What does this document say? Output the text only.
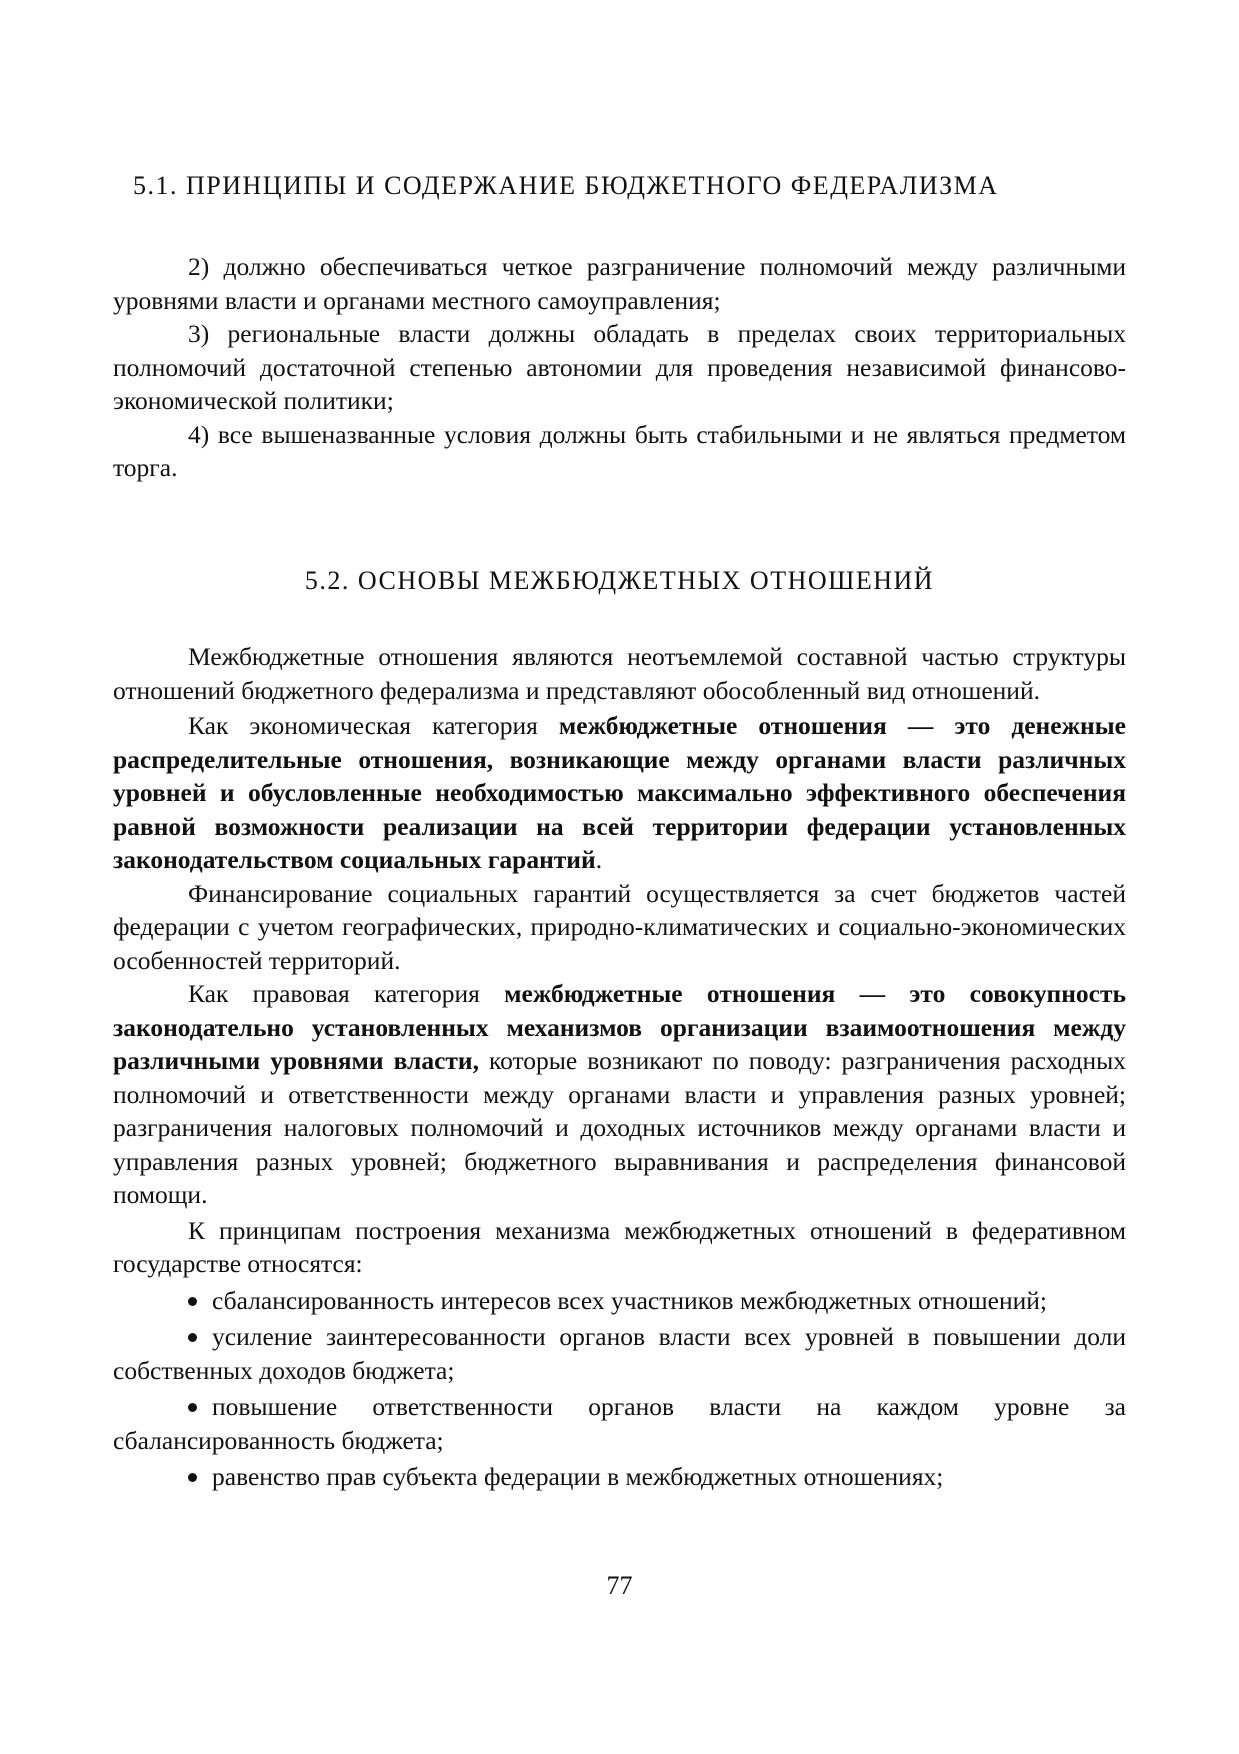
5.1. ПРИНЦИПЫ И СОДЕРЖАНИЕ БЮДЖЕТНОГО ФЕДЕРАЛИЗМА

2) должно обеспечиваться четкое разграничение полномочий между различными уровнями власти и органами местного самоуправления;

3) региональные власти должны обладать в пределах своих территориальных полномочий достаточной степенью автономии для проведения независимой финансово-экономической политики;

4) все вышеназванные условия должны быть стабильными и не являться предметом торга.

5.2. ОСНОВЫ МЕЖБЮДЖЕТНЫХ ОТНОШЕНИЙ

Межбюджетные отношения являются неотъемлемой составной частью структуры отношений бюджетного федерализма и представляют обособленный вид отношений.

Как экономическая категория межбюджетные отношения — это денежные распределительные отношения, возникающие между органами власти различных уровней и обусловленные необходимостью максимально эффективного обеспечения равной возможности реализации на всей территории федерации установленных законодательством социальных гарантий.

Финансирование социальных гарантий осуществляется за счет бюджетов частей федерации с учетом географических, природно-климатических и социально-экономических особенностей территорий.

Как правовая категория межбюджетные отношения — это совокупность законодательно установленных механизмов организации взаимоотношения между различными уровнями власти, которые возникают по поводу: разграничения расходных полномочий и ответственности между органами власти и управления разных уровней; разграничения налоговых полномочий и доходных источников между органами власти и управления разных уровней; бюджетного выравнивания и распределения финансовой помощи.

К принципам построения механизма межбюджетных отношений в федеративном государстве относятся:

сбалансированность интересов всех участников межбюджетных отношений;

усиление заинтересованности органов власти всех уровней в повышении доли собственных доходов бюджета;

повышение ответственности органов власти на каждом уровне за сбалансированность бюджета;

равенство прав субъекта федерации в межбюджетных отношениях;

77
